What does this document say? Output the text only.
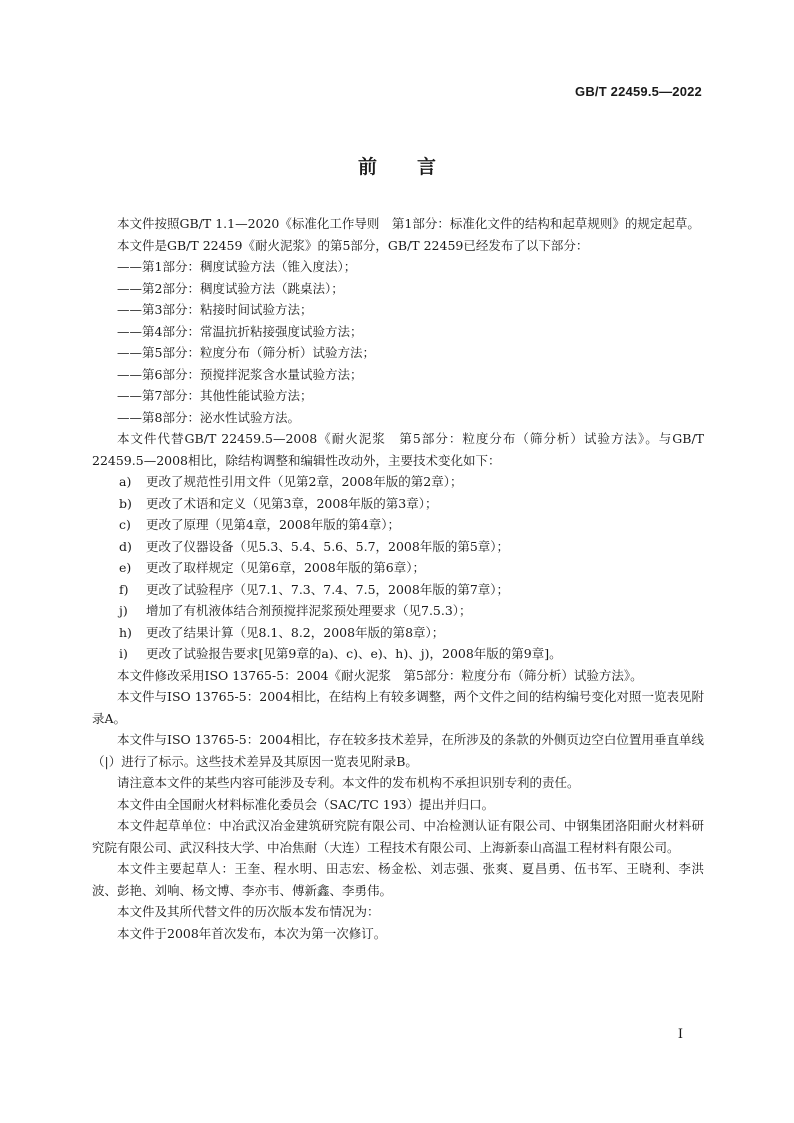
GB/T 22459.5—2022
前言

本文件按照GB/T 1.1—2020《标准化工作导则　第1部分：标准化文件的结构和起草规则》的规定起草。

本文件是GB/T 22459《耐火泥浆》的第5部分，GB/T 22459已经发布了以下部分：

——第1部分：稠度试验方法（锥入度法）；

——第2部分：稠度试验方法（跳桌法）；

——第3部分：粘接时间试验方法；

——第4部分：常温抗折粘接强度试验方法；

——第5部分：粒度分布（筛分析）试验方法；

——第6部分：预搅拌泥浆含水量试验方法；

——第7部分：其他性能试验方法；

——第8部分：泌水性试验方法。

本文件代替GB/T 22459.5—2008《耐火泥浆　第5部分：粒度分布（筛分析）试验方法》。与GB/T 22459.5—2008相比，除结构调整和编辑性改动外，主要技术变化如下：

a) 更改了规范性引用文件（见第2章，2008年版的第2章）；

b) 更改了术语和定义（见第3章，2008年版的第3章）；

c) 更改了原理（见第4章，2008年版的第4章）；

d) 更改了仪器设备（见5.3、5.4、5.6、5.7，2008年版的第5章）；

e) 更改了取样规定（见第6章，2008年版的第6章）；

f) 更改了试验程序（见7.1、7.3、7.4、7.5，2008年版的第7章）；

j) 增加了有机液体结合剂预搅拌泥浆预处理要求（见7.5.3）；

h) 更改了结果计算（见8.1、8.2，2008年版的第8章）；

i) 更改了试验报告要求[见第9章的a)、c)、e)、h)、j)，2008年版的第9章]。

本文件修改采用ISO 13765-5：2004《耐火泥浆　第5部分：粒度分布（筛分析）试验方法》。

本文件与ISO 13765-5：2004相比，在结构上有较多调整，两个文件之间的结构编号变化对照一览表见附录A。

本文件与ISO 13765-5：2004相比，存在较多技术差异，在所涉及的条款的外侧页边空白位置用垂直单线（|）进行了标示。这些技术差异及其原因一览表见附录B。

请注意本文件的某些内容可能涉及专利。本文件的发布机构不承担识别专利的责任。

本文件由全国耐火材料标准化委员会（SAC/TC 193）提出并归口。

本文件起草单位：中冶武汉冶金建筑研究院有限公司、中冶检测认证有限公司、中钢集团洛阳耐火材料研究院有限公司、武汉科技大学、中冶焦耐（大连）工程技术有限公司、上海新泰山高温工程材料有限公司。

本文件主要起草人：王奎、程水明、田志宏、杨金松、刘志强、张爽、夏昌勇、伍书军、王晓利、李洪波、彭艳、刘响、杨文博、李亦韦、傅新鑫、李勇伟。

本文件及其所代替文件的历次版本发布情况为：

本文件于2008年首次发布，本次为第一次修订。

I
